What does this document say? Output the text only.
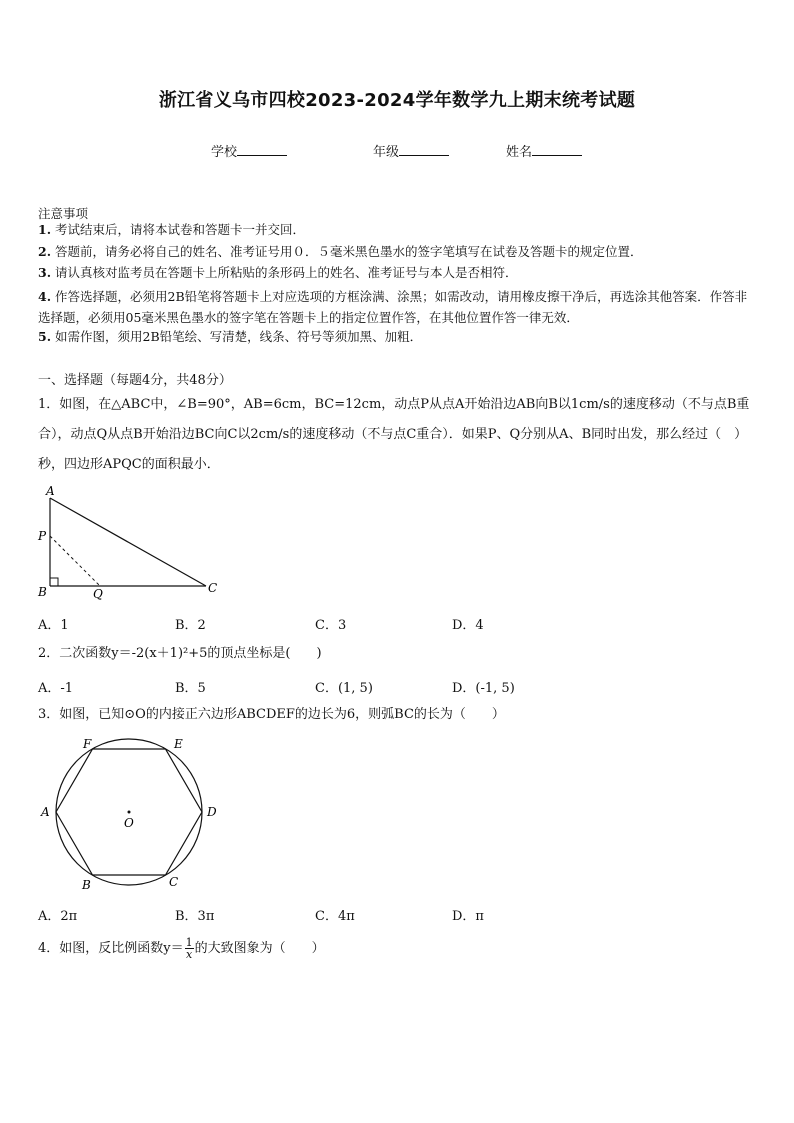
浙江省义乌市四校2023-2024学年数学九上期末统考试题
学校	年级	姓名
注意事项
1. 考试结束后，请将本试卷和答题卡一并交回．
2. 答题前，请务必将自己的姓名、准考证号用０．５毫米黑色墨水的签字笔填写在试卷及答题卡的规定位置．
3. 请认真核对监考员在答题卡上所粘贴的条形码上的姓名、准考证号与本人是否相符．
4. 作答选择题，必须用2B铅笔将答题卡上对应选项的方框涂满、涂黑；如需改动，请用橡皮擦干净后，再选涂其他答案．作答非选择题，必须用05毫米黑色墨水的签字笔在答题卡上的指定位置作答，在其他位置作答一律无效．
5. 如需作图，须用2B铅笔绘、写清楚，线条、符号等须加黑、加粗．
一、选择题（每题4分，共48分）
1．如图，在△ABC中，∠B=90°，AB=6cm，BC=12cm，动点P从点A开始沿边AB向B以1cm/s的速度移动（不与点B重合），动点Q从点B开始沿边BC向C以2cm/s的速度移动（不与点C重合）．如果P、Q分别从A、B同时出发，那么经过（　）秒，四边形APQC的面积最小．
A
P
B	Q	C
A．1	B．2	C．3	D．4
2．二次函数y＝-2(x＋1)²+5的顶点坐标是(　　)
A．-1	B．5	C．(1, 5)	D．(-1, 5)
3．如图，已知⊙O的内接正六边形ABCDEF的边长为6，则弧BC的长为（　　）
F	E
A	D
O
B	C
A．2π	B．3π	C．4π	D．π
4．如图，反比例函数$y= \frac{1}{x}$ 的大致图象为（　　）
